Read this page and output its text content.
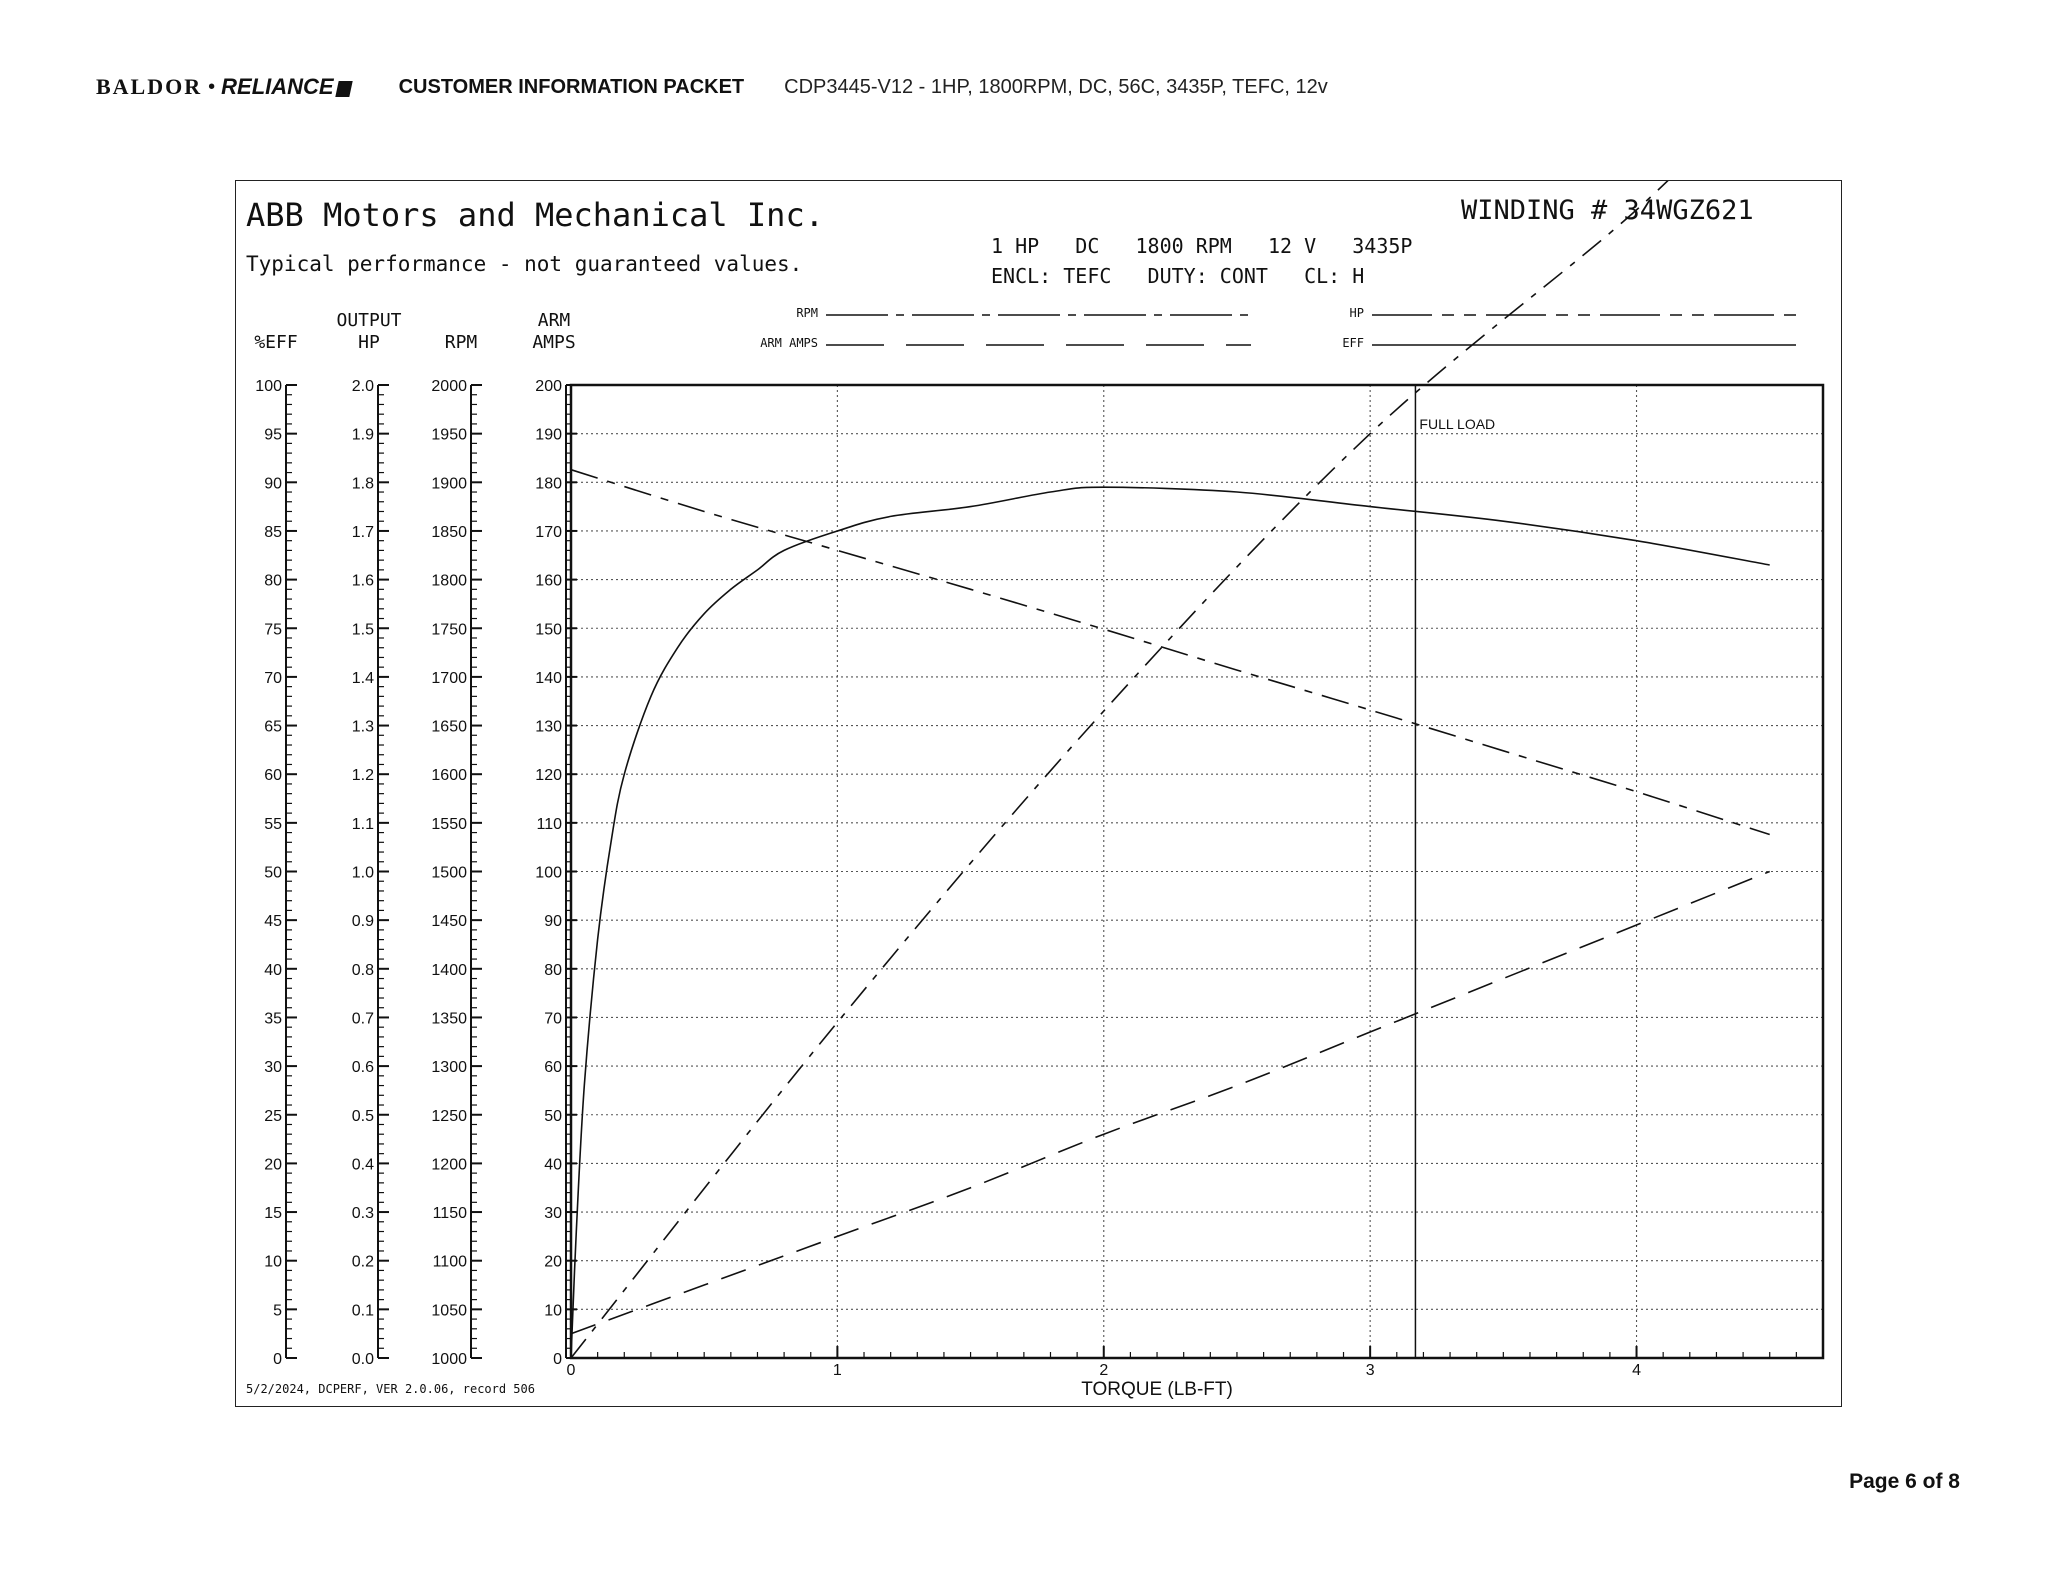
BALDOR • RELIANCE	CUSTOMER INFORMATION PACKET CDP3445-V12 - 1HP, 1800RPM, DC, 56C, 3435P, TEFC, 12v
ABB Motors and Mechanical Inc.
Typical performance - not guaranteed values.
WINDING # 34WGZ621
1 HP   DC   1800 RPM   12 V   3435P
ENCL: TEFC   DUTY: CONT   CL: H
RPM
ARM AMPS
HP
EFF
%EFF
OUTPUT
HP	RPM
ARM
AMPS
0
5
10
15
20
25
30
35
40
45
50
55
60
65
70
75
80
85
90
95
100
0.0
0.1
0.2
0.3
0.4
0.5
0.6
0.7
0.8
0.9
1.0
1.1
1.2
1.3
1.4
1.5
1.6
1.7
1.8
1.9
2.0
1000
1050
1100
1150
1200
1250
1300
1350
1400
1450
1500
1550
1600
1650
1700
1750
1800
1850
1900
1950
2000
0
10
20
30
40
50
60
70
80
90
100
110
120
130
140
150
160
170
180
190
200
FULL LOAD
0	1	2	3	4
TORQUE (LB-FT)
5/2/2024, DCPERF, VER 2.0.06, record 506
Page 6 of 8
